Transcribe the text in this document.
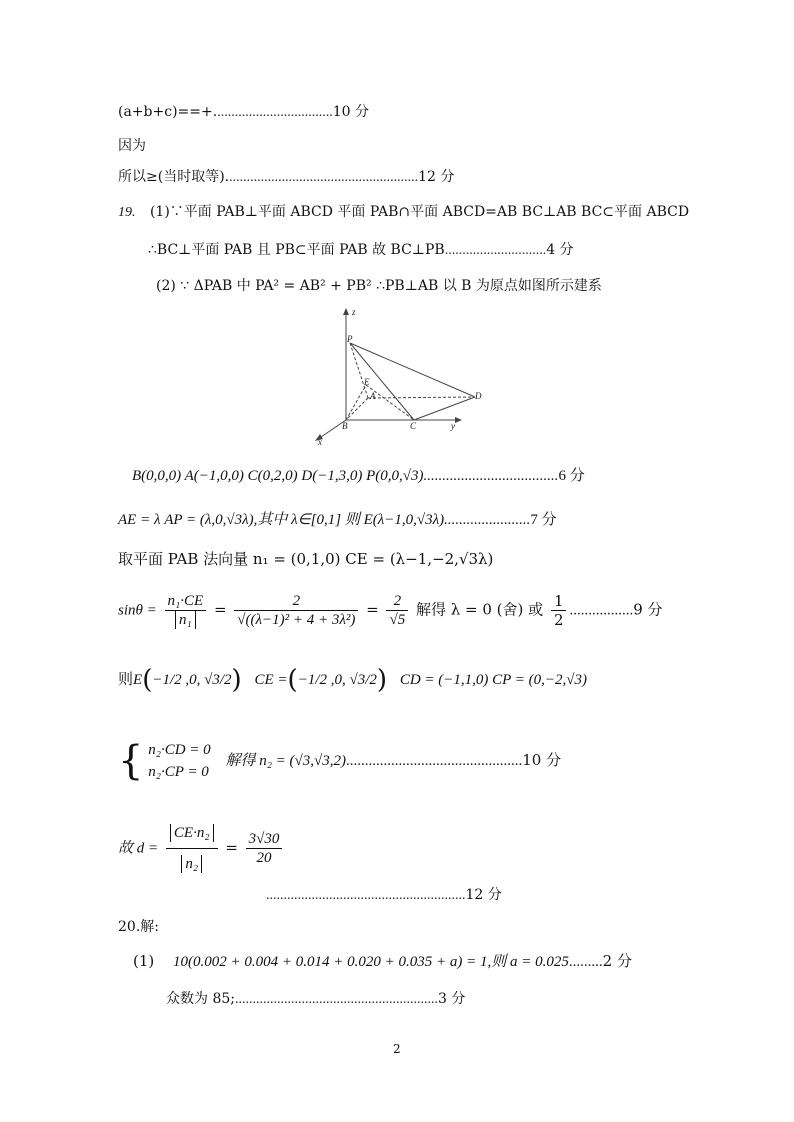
(a+b+c)==+..................................10 分
因为
所以≥(当时取等).......................................................12 分
19. (1)∵平面 PAB⊥平面 ABCD 平面 PAB∩平面 ABCD=AB BC⊥AB BC⊂平面 ABCD
∴BC⊥平面 PAB 且 PB⊂平面 PAB 故 BC⊥PB.............................4 分
(2) ∵ ΔPAB 中 PA² = AB² + PB² ∴PB⊥AB 以 B 为原点如图所示建系
z
P
E
A	D
B	C	y
x
B(0,0,0) A(−1,0,0) C(0,2,0) D(−1,3,0) P(0,0,√3)....................................6 分
AE = λ AP = (λ,0,√3λ),其中 λ∈[0,1] 则 E(λ−1,0,√3λ).......................7 分
取平面 PAB 法向量 n₁ = (0,1,0) CE = (λ−1,−2,√3λ)
$\sin\theta = \frac{\text{n₁·CE}}{\text{n₁}} = \frac{2}{\text{√((λ−1)² + 4 + 3λ²)}} = \frac{2}{√5}$ 解得 λ = 0 (舍) 或 $\frac{1}{2} .................9$ 分
则E(−1/2 ,0, √3/2) CE =(−1/2 ,0, √3/2) CD = (−1,1,0) CP = (0,−2,√3)
{ n₂·CD = 0
n₂·CP = 0
解得 n₂ = (√3,√3,2)...............................................10 分
故 $d = \frac{\text{CE·n₂}}{\text{n₂}} = \frac{3√30}{20}$
.........................................................12 分
20.解:
(1) 10(0.002 + 0.004 + 0.014 + 0.020 + 0.035 + a) = 1,则 a = 0.025.........2 分
众数为 85;..........................................................3 分
2
